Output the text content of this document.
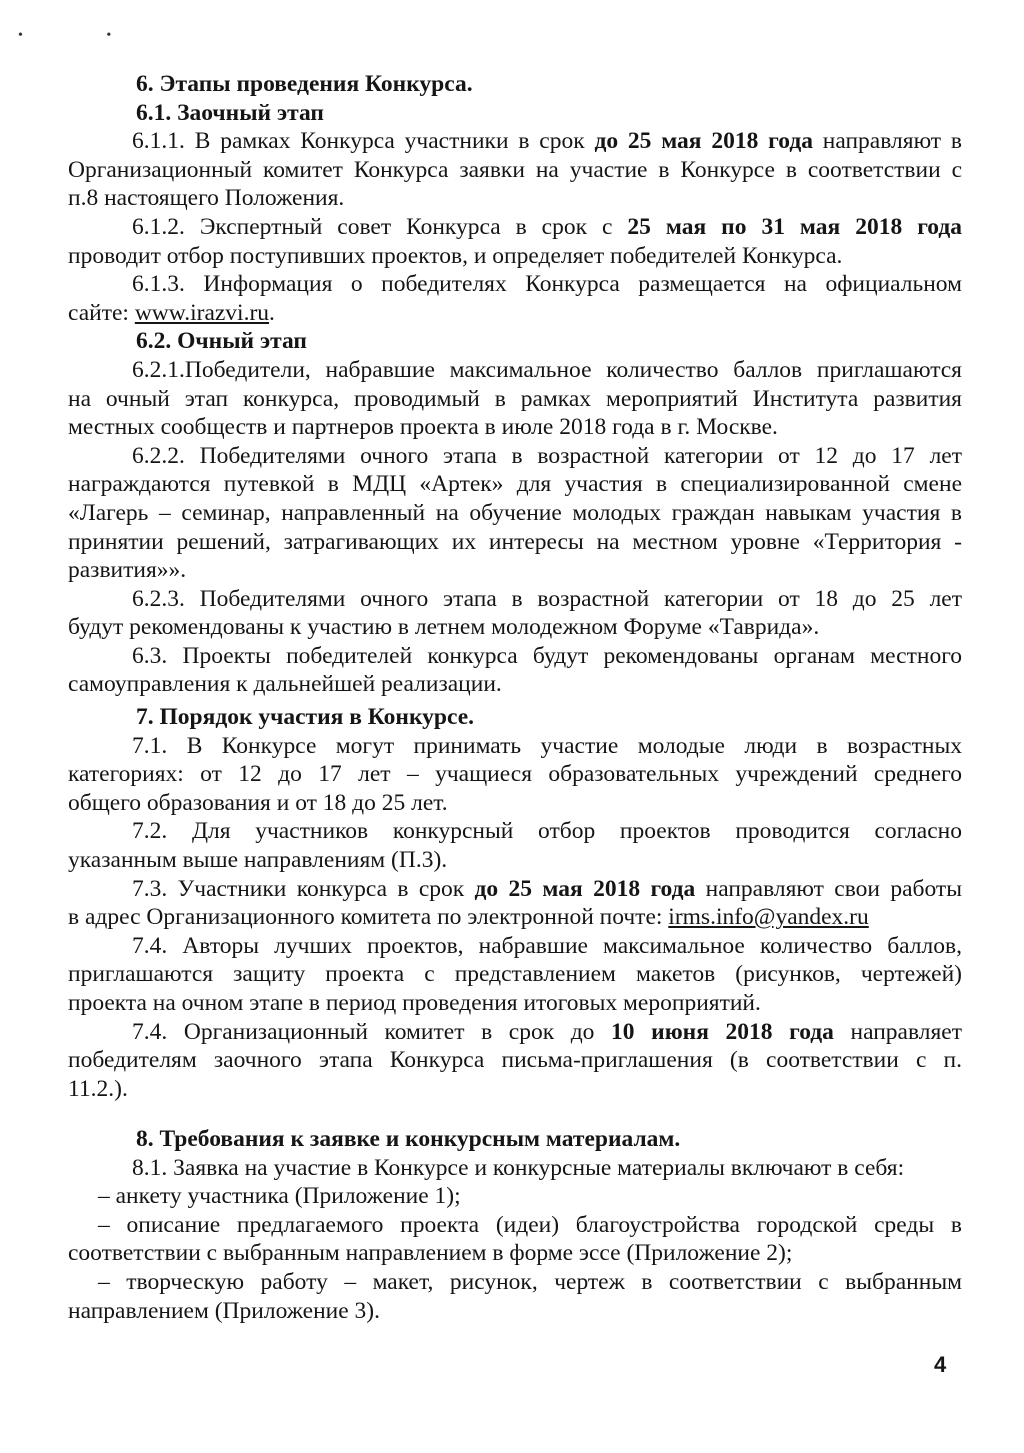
• •
6. Этапы проведения Конкурса.
6.1. Заочный этап
6.1.1. В рамках Конкурса участники в срок до 25 мая 2018 года направляют в
Организационный комитет Конкурса заявки на участие в Конкурсе в соответствии с
п.8 настоящего Положения.
6.1.2. Экспертный совет Конкурса в срок с 25 мая по 31 мая 2018 года
проводит отбор поступивших проектов, и определяет победителей Конкурса.
6.1.3. Информация о победителях Конкурса размещается на официальном
сайте: www.irazvi.ru.
6.2. Очный этап
6.2.1.Победители, набравшие максимальное количество баллов приглашаются
на очный этап конкурса, проводимый в рамках мероприятий Института развития
местных сообществ и партнеров проекта в июле 2018 года в г. Москве.
6.2.2. Победителями очного этапа в возрастной категории от 12 до 17 лет
награждаются путевкой в МДЦ «Артек» для участия в специализированной смене
«Лагерь – семинар, направленный на обучение молодых граждан навыкам участия в
принятии решений, затрагивающих их интересы на местном уровне «Территория -
развития»».
6.2.3. Победителями очного этапа в возрастной категории от 18 до 25 лет
будут рекомендованы к участию в летнем молодежном Форуме «Таврида».
6.3. Проекты победителей конкурса будут рекомендованы органам местного
самоуправления к дальнейшей реализации.
7. Порядок участия в Конкурсе.
7.1. В Конкурсе могут принимать участие молодые люди в возрастных
категориях: от 12 до 17 лет – учащиеся образовательных учреждений среднего
общего образования и от 18 до 25 лет.
7.2. Для участников конкурсный отбор проектов проводится согласно
указанным выше направлениям (П.3).
7.3. Участники конкурса в срок до 25 мая 2018 года направляют свои работы
в адрес Организационного комитета по электронной почте: irms.info@yandex.ru
7.4. Авторы лучших проектов, набравшие максимальное количество баллов,
приглашаются защиту проекта с представлением макетов (рисунков, чертежей)
проекта на очном этапе в период проведения итоговых мероприятий.
7.4. Организационный комитет в срок до 10 июня 2018 года направляет
победителям заочного этапа Конкурса письма-приглашения (в соответствии с п.
11.2.).
8. Требования к заявке и конкурсным материалам.
8.1. Заявка на участие в Конкурсе и конкурсные материалы включают в себя:
– анкету участника (Приложение 1);
– описание предлагаемого проекта (идеи) благоустройства городской среды в
соответствии с выбранным направлением в форме эссе (Приложение 2);
– творческую работу – макет, рисунок, чертеж в соответствии с выбранным
направлением (Приложение 3).
4
